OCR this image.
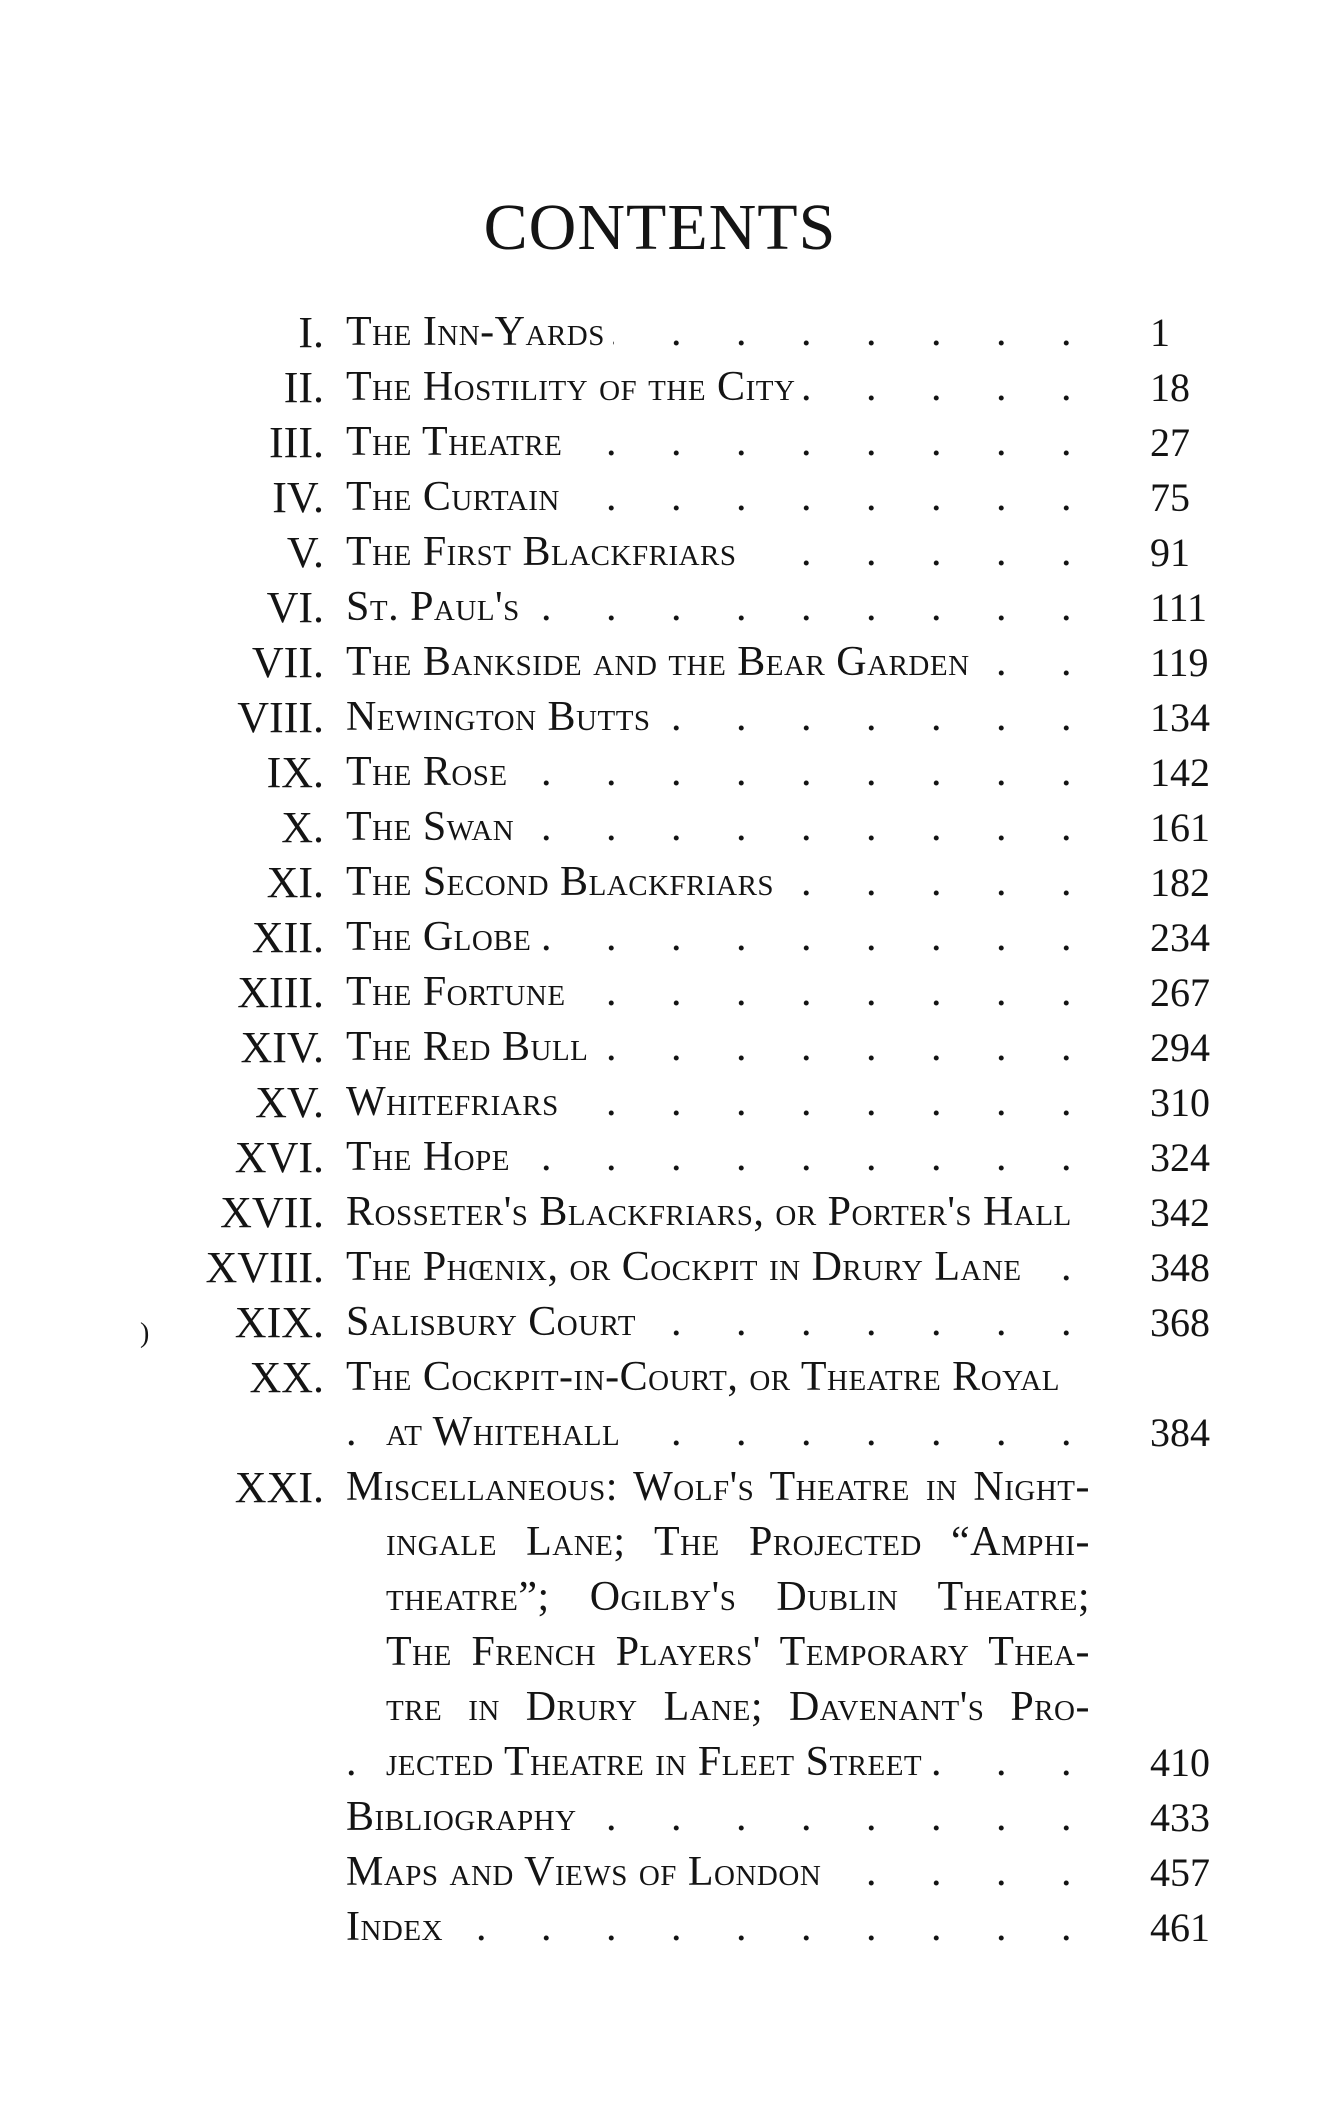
CONTENTS
)
I. The Inn-Yards . . .	1
II. The Hostility of the City . . .	18
III. The Theatre . . .	27
IV. The Curtain . . .	75
V. The First Blackfriars . . .	91
VI. St. Paul's . . .	111
VII. The Bankside and the Bear Garden . . .	119
VIII. Newington Butts . . .	134
IX. The Rose . . .	142
X. The Swan . . .	161
XI. The Second Blackfriars . . .	182
XII. The Globe . . .	234
XIII. The Fortune . . .	267
XIV. The Red Bull . . .	294
XV. Whitefriars . . .	310
XVI. The Hope . . .	324
XVII. Rosseter's Blackfriars, or Porter's Hall . . .	342
XVIII. The Phœnix, or Cockpit in Drury Lane . . .	348
XIX. Salisbury Court . . .	368
XX. The Cockpit-in-Court, or Theatre Royal
at Whitehall . . .	384
XXI. Miscellaneous: Wolf's Theatre in Night-
ingale Lane; The Projected “Amphi-
theatre”; Ogilby's Dublin Theatre;
The French Players' Temporary Thea-
tre in Drury Lane; Davenant's Pro-
jected Theatre in Fleet Street . . .	410
Bibliography . . .	433
Maps and Views of London . . .	457
Index . . .	461
